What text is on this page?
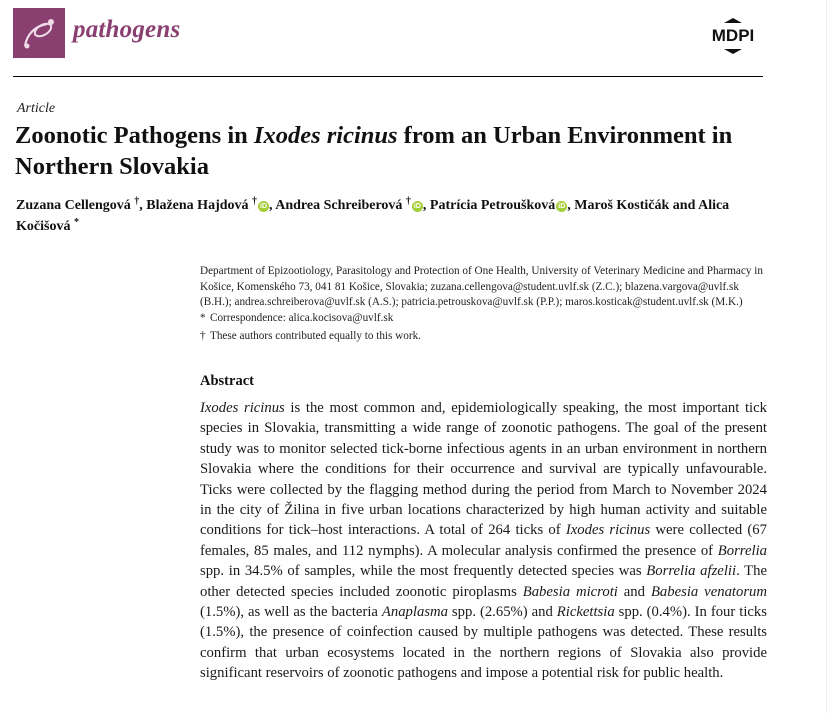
pathogens	MDPI
Article
Zoonotic Pathogens in Ixodes ricinus from an Urban Environment in Northern Slovakia
Zuzana Cellengová †, Blažena Hajdová † iD , Andrea Schreiberová † iD , Patrícia Petroušková iD , Maroš Kostičák and Alica Kočišová *

Department of Epizootiology, Parasitology and Protection of One Health, University of Veterinary Medicine and Pharmacy in Košice, Komenského 73, 041 81 Košice, Slovakia; zuzana.cellengova@student.uvlf.sk (Z.C.); blazena.vargova@uvlf.sk (B.H.); andrea.schreiberova@uvlf.sk (A.S.); patricia.petrouskova@uvlf.sk (P.P.); maros.kosticak@student.uvlf.sk (M.K.)

* Correspondence: alica.kocisova@uvlf.sk
† These authors contributed equally to this work.
Abstract

Ixodes ricinus is the most common and, epidemiologically speaking, the most important tick species in Slovakia, transmitting a wide range of zoonotic pathogens. The goal of the present study was to monitor selected tick-borne infectious agents in an urban environment in northern Slovakia where the conditions for their occurrence and survival are typically unfavourable. Ticks were collected by the flagging method during the period from March to November 2024 in the city of Žilina in five urban locations characterized by high human activity and suitable conditions for tick–host interactions. A total of 264 ticks of Ixodes ricinus were collected (67 females, 85 males, and 112 nymphs). A molecular analysis confirmed the presence of Borrelia spp. in 34.5% of samples, while the most frequently detected species was Borrelia afzelii. The other detected species included zoonotic piroplasms Babesia microti and Babesia venatorum (1.5%), as well as the bacteria Anaplasma spp. (2.65%) and Rickettsia spp. (0.4%). In four ticks (1.5%), the presence of coinfection caused by multiple pathogens was detected. These results confirm that urban ecosystems located in the northern regions of Slovakia also provide significant reservoirs of zoonotic pathogens and impose a potential risk for public health.
